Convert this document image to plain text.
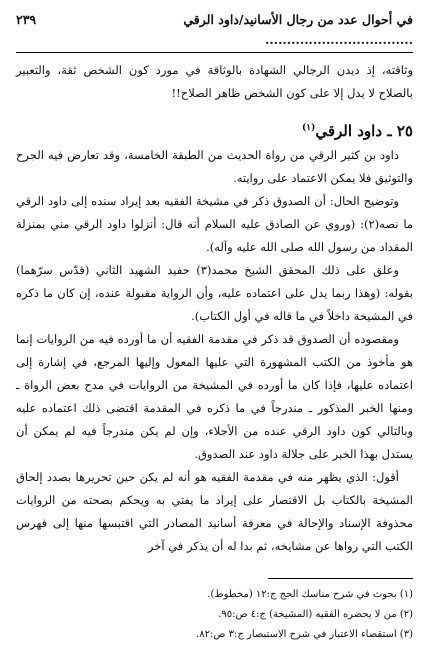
في أحوال عدد من رجال الأسانيد/داود الرقي ..................................
٢٣٩

وثاقته، إذ ديدن الرجالي الشهادة بالوثاقة في مورد كون الشخص ثقة، والتعبير بالصلاح لا يدل إلا على كون الشخص ظاهر الصلاح!!

٢٥ ـ داود الرقي$^{(١)}$

داود بن كثير الرقي من رواة الحديث من الطبقة الخامسة، وقد تعارض فيه الجرح والتوثيق فلا يمكن الاعتماد على روايته.

وتوضيح الحال: أن الصدوق ذكر في مشيخة الفقيه بعد إيراد سنده إلى داود الرقي ما نصه(٢): (وروي عن الصادق عليه السلام أنه قال: أنزلوا داود الرقي مني بمنزلة المقداد من رسول الله صلى الله عليه وآله).

وعلق على ذلك المحقق الشيخ محمد(٣) حفيد الشهيد الثاني (قدّس سرّهما) بقوله: (وهذا ربما يدل على اعتماده عليه، وأن الرواية مقبولة عنده، إن كان ما ذكره في المشيخة داخلاً في ما قاله في أول الكتاب).

ومقصوده أن الصدوق قد ذكر في مقدمة الفقيه أن ما أورده فيه من الروايات إنما هو مأخوذ من الكتب المشهورة التي عليها المعول وإليها المرجع، في إشارة إلى اعتماده عليها، فإذا كان ما أورده في المشيخة من الروايات في مدح بعض الرواة ـ ومنها الخبر المذكور ـ مندرجاً في ما ذكره في المقدمة اقتضى ذلك اعتماده عليه وبالتالي كون داود الرقي عنده من الأجلاء، وإن لم يكن مندرجاً فيه لم يمكن أن يستدل بهذا الخبر على جلالة داود عند الصدوق.

أقول: الذي يظهر منه في مقدمة الفقيه هو أنه لم يكن حين تحريرها بصدد إلحاق المشيخة بالكتاب بل الاقتصار على إيراد ما يفتي به ويحكم بصحته من الروايات محذوفة الإسناد والإحالة في معرفة أسانيد المصادر التي اقتبسها منها إلى فهرس الكتب التي رواها عن مشايخه، ثم بدا له أن يذكر في آخر

(١) بحوث في شرح مناسك الحج ج:١٢ (مخطوط).

(٢) من لا يحضره الفقيه (المشيخة) ج:٤ ص:٩٥.

(٣) استقصاء الاعتبار في شرح الاستبصار ج:٣ ص:٨٢.
